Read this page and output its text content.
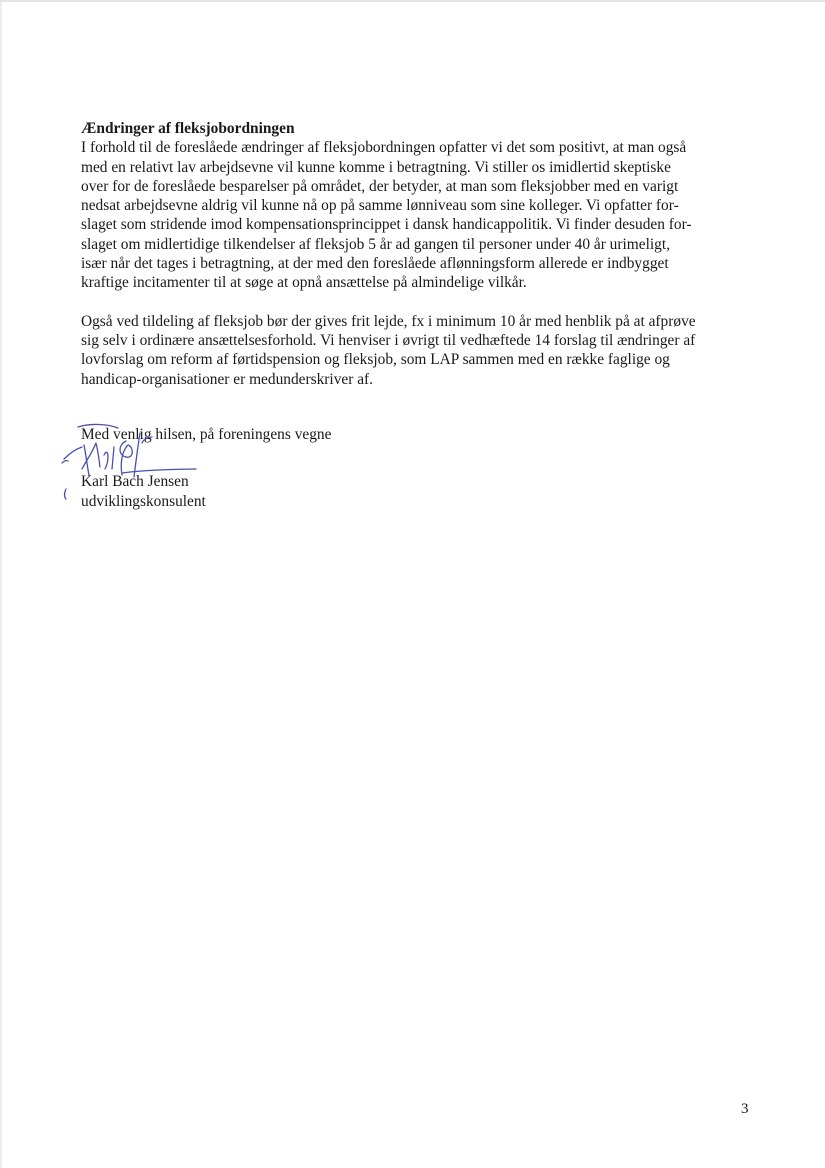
Ændringer af fleksjobordningen

I forhold til de foreslåede ændringer af fleksjobordningen opfatter vi det som positivt, at man også

med en relativt lav arbejdsevne vil kunne komme i betragtning. Vi stiller os imidlertid skeptiske

over for de foreslåede besparelser på området, der betyder, at man som fleksjobber med en varigt

nedsat arbejdsevne aldrig vil kunne nå op på samme lønniveau som sine kolleger. Vi opfatter for-

slaget som stridende imod kompensationsprincippet i dansk handicappolitik. Vi finder desuden for-

slaget om midlertidige tilkendelser af fleksjob 5 år ad gangen til personer under 40 år urimeligt,

især når det tages i betragtning, at der med den foreslåede aflønningsform allerede er indbygget

kraftige incitamenter til at søge at opnå ansættelse på almindelige vilkår.

Også ved tildeling af fleksjob bør der gives frit lejde, fx i minimum 10 år med henblik på at afprøve

sig selv i ordinære ansættelsesforhold. Vi henviser i øvrigt til vedhæftede 14 forslag til ændringer af

lovforslag om reform af førtidspension og fleksjob, som LAP sammen med en række faglige og

handicap-organisationer er medunderskriver af.

Med venlig hilsen, på foreningens vegne
Karl Bach Jensen
udviklingskonsulent
3
